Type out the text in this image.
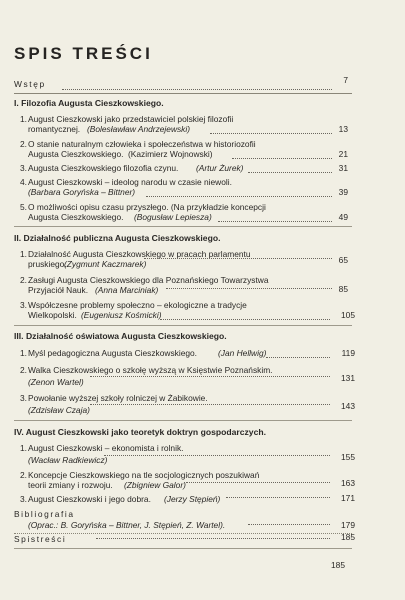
SPIS TREŚCI
Wstęp	7
I. Filozofia Augusta Cieszkowskiego.
1. August Cieszkowski jako przedstawiciel polskiej filozofii
romantycznej. (Bolesławław Andrzejewski)	13
2. O stanie naturalnym człowieka i społeczeństwa w historiozofii
Augusta Cieszkowskiego. (Kazimierz Wojnowski)	21
3. Augusta Cieszkowskiego filozofia czynu. (Artur Żurek)	31
4. August Cieszkowski – ideolog narodu w czasie niewoli.
(Barbara Goryńska – Bittner)	39
5. O możliwości opisu czasu przyszłego. (Na przykładzie koncepcji
Augusta Cieszkowskiego. (Bogusław Lepiesza)	49
II. Działalność publiczna Augusta Cieszkowskiego.
1. Działalność Augusta Cieszkowskiego w pracach parlamentu
pruskiego.
(Zygmunt Kaczmarek)	65
2. Zasługi Augusta Cieszkowskiego dla Poznańskiego Towarzystwa
Przyjaciół Nauk. (Anna Marciniak)	85
3. Współczesne problemy społeczno – ekologiczne a tradycje
Wielkopolski. (Eugeniusz Kośmicki)	105
III. Działalność oświatowa Augusta Cieszkowskiego.
1. Myśl pedagogiczna Augusta Cieszkowskiego.	(Jan Hellwig)	119
2. Walka Cieszkowskiego o szkołę wyższą w Księstwie Poznańskim.
(Zenon Wartel)	131
3. Powołanie wyższej szkoły rolniczej w Żabikowie.
(Zdzisław Czaja)	143
IV. August Cieszkowski jako teoretyk doktryn gospodarczych.
1. August Cieszkowski – ekonomista i rolnik.
(Wacław Radkiewicz)	155
2. Koncepcje Cieszkowskiego na tle socjologicznych poszukiwań
teorii zmiany i rozwoju. (Zbigniew Galor)	163
3. August Cieszkowski i jego dobra. (Jerzy Stępień)	171
Bibliografia
(Oprac.: B. Goryńska – Bittner, J. Stępień, Z. Wartel).	179
Spistreści	185
185
